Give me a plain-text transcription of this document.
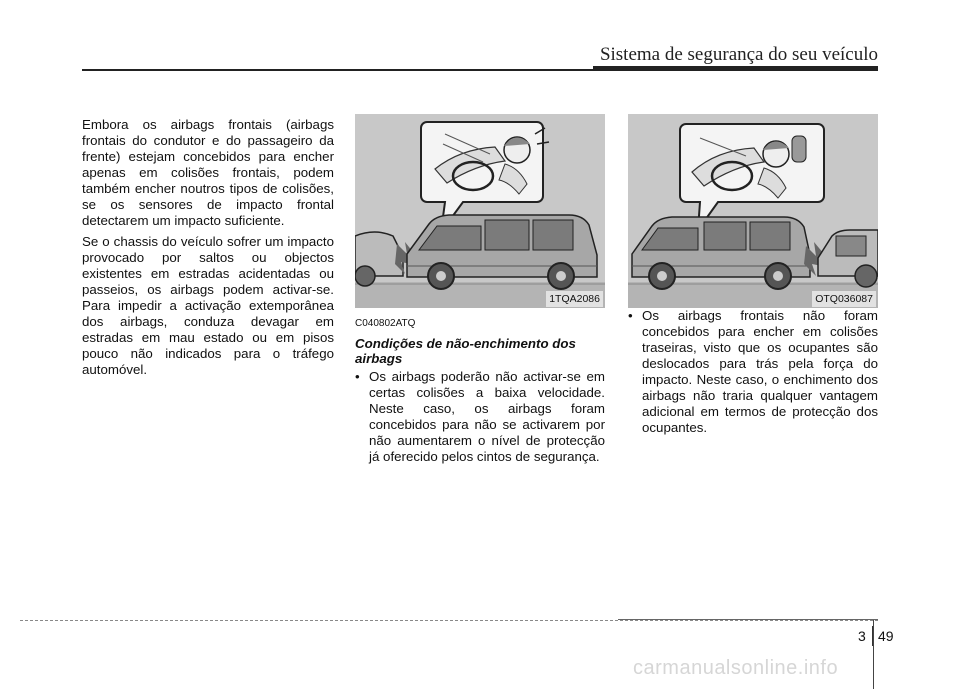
Sistema de segurança do seu veículo

Embora os airbags frontais (airbags frontais do condutor e do passageiro da frente) estejam concebidos para encher apenas em colisões frontais, podem também encher noutros tipos de colisões, se os sensores de impacto frontal detectarem um impacto suficiente.

Se o chassis do veículo sofrer um impacto provocado por saltos ou objectos existentes em estradas acidentadas ou passeios, os airbags podem activar-se. Para impedir a activação extemporânea dos airbags, conduza devagar em estradas em mau estado ou em pisos pouco não indicados para o tráfego automóvel.

1TQA2086
C040802ATQ
Condições de não-enchimento dos airbags

• Os airbags poderão não activar-se em certas colisões a baixa velocidade. Neste caso, os airbags foram concebidos para não se activarem por não aumentarem o nível de protecção já oferecido pelos cintos de segurança.

OTQ036087

• Os airbags frontais não foram concebidos para encher em colisões traseiras, visto que os ocupantes são deslocados para trás pela força do impacto. Neste caso, o enchimento dos airbags não traria qualquer vantagem adicional em termos de protecção dos ocupantes.

3 49
carmanualsonline.info
